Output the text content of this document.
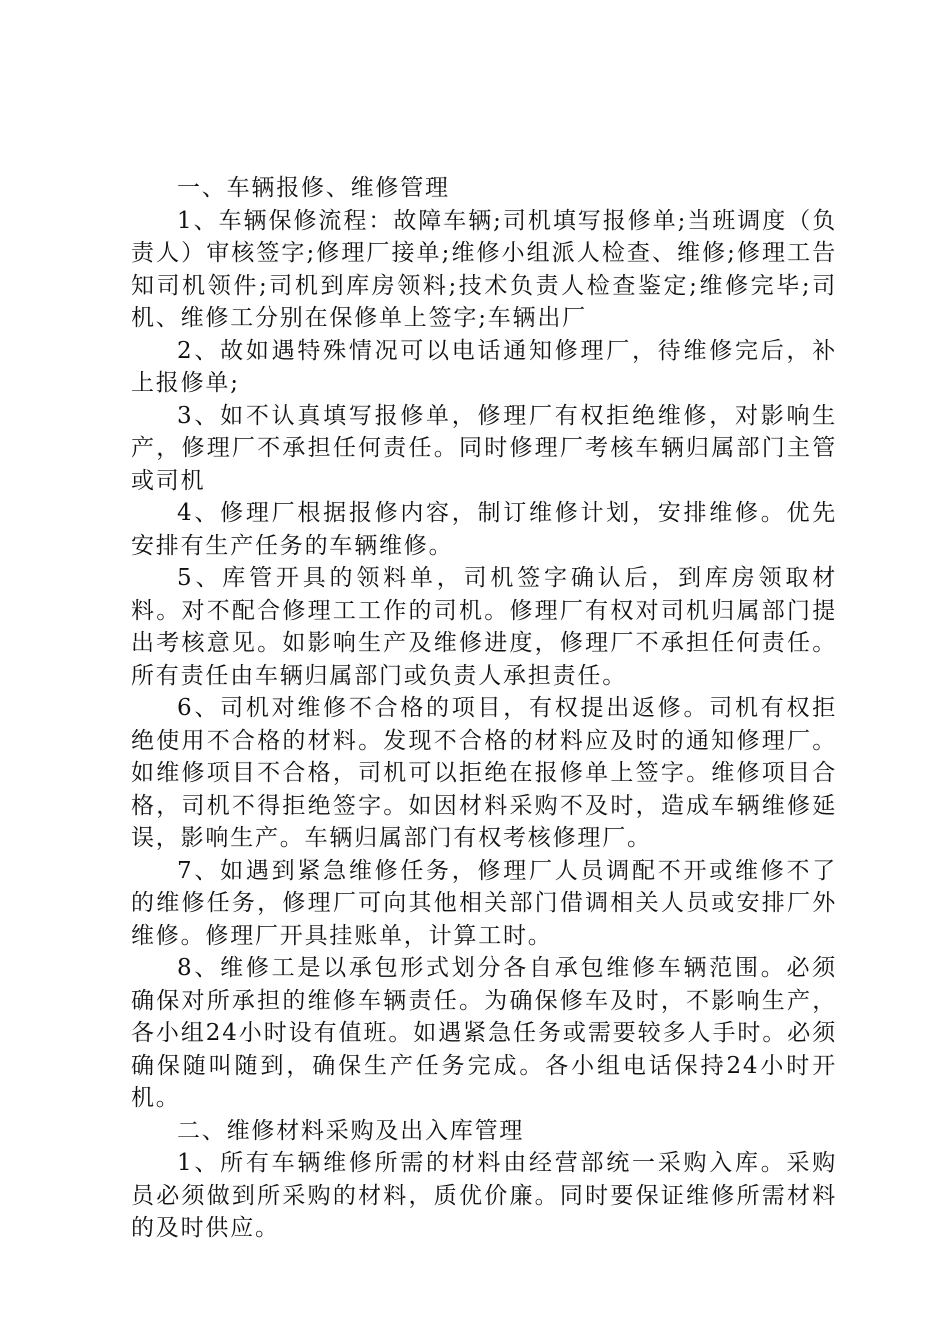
一、车辆报修、维修管理

1、车辆保修流程：故障车辆;司机填写报修单;当班调度（负责人）审核签字;修理厂接单;维修小组派人检查、维修;修理工告知司机领件;司机到库房领料;技术负责人检查鉴定;维修完毕;司机、维修工分别在保修单上签字;车辆出厂

2、故如遇特殊情况可以电话通知修理厂，待维修完后，补上报修单;

3、如不认真填写报修单，修理厂有权拒绝维修，对影响生产，修理厂不承担任何责任。同时修理厂考核车辆归属部门主管或司机

4、修理厂根据报修内容，制订维修计划，安排维修。优先安排有生产任务的车辆维修。

5、库管开具的领料单，司机签字确认后，到库房领取材料。对不配合修理工工作的司机。修理厂有权对司机归属部门提出考核意见。如影响生产及维修进度，修理厂不承担任何责任。所有责任由车辆归属部门或负责人承担责任。

6、司机对维修不合格的项目，有权提出返修。司机有权拒绝使用不合格的材料。发现不合格的材料应及时的通知修理厂。如维修项目不合格，司机可以拒绝在报修单上签字。维修项目合格，司机不得拒绝签字。如因材料采购不及时，造成车辆维修延误，影响生产。车辆归属部门有权考核修理厂。

7、如遇到紧急维修任务，修理厂人员调配不开或维修不了的维修任务，修理厂可向其他相关部门借调相关人员或安排厂外维修。修理厂开具挂账单，计算工时。

8、维修工是以承包形式划分各自承包维修车辆范围。必须确保对所承担的维修车辆责任。为确保修车及时，不影响生产，各小组24小时设有值班。如遇紧急任务或需要较多人手时。必须确保随叫随到，确保生产任务完成。各小组电话保持24小时开机。

二、维修材料采购及出入库管理

1、所有车辆维修所需的材料由经营部统一采购入库。采购员必须做到所采购的材料，质优价廉。同时要保证维修所需材料的及时供应。
